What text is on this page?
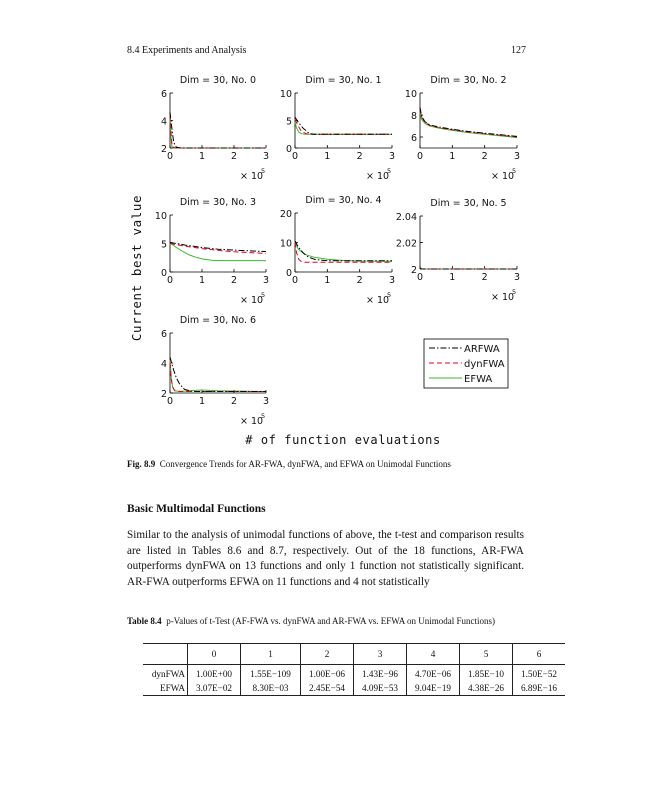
8.4 Experiments and Analysis	127
Dim = 30, No. 0
0	1	2	3
2
4
6
× 10
5
Dim = 30, No. 1
0	1	2	3
0
5
10
× 10
5
Dim = 30, No. 2
0	1	2	3
6
8
10
× 10
5
Dim = 30, No. 3
0	1	2	3
0
5
10
× 10
5
Dim = 30, No. 4
0	1	2	3
0
10
20
× 10
5
Dim = 30, No. 5
0	1	2	3
2
2.02
2.04
× 10
5
Dim = 30, No. 6
0	1	2	3
2
4
6
× 10
5
ARFWA
dynFWA
EFWA
# of function evaluations
Current best value
Fig. 8.9 Convergence Trends for AR-FWA, dynFWA, and EFWA on Unimodal Functions
Basic Multimodal Functions

Similar to the analysis of unimodal functions of above, the t-test and comparison results are listed in Tables 8.6 and 8.7, respectively. Out of the 18 functions, AR-FWA outperforms dynFWA on 13 functions and only 1 function not statistically significant. AR-FWA outperforms EFWA on 11 functions and 4 not statistically

Table 8.4 p-Values of t-Test (AF-FWA vs. dynFWA and AR-FWA vs. EFWA on Unimodal Functions)
	0	1	2	3	4	5	6
dynFWA	1.00E+00	1.55E−109	1.00E−06	1.43E−96	4.70E−06	1.85E−10	1.50E−52
EFWA	3.07E−02	8.30E−03	2.45E−54	4.09E−53	9.04E−19	4.38E−26	6.89E−16
